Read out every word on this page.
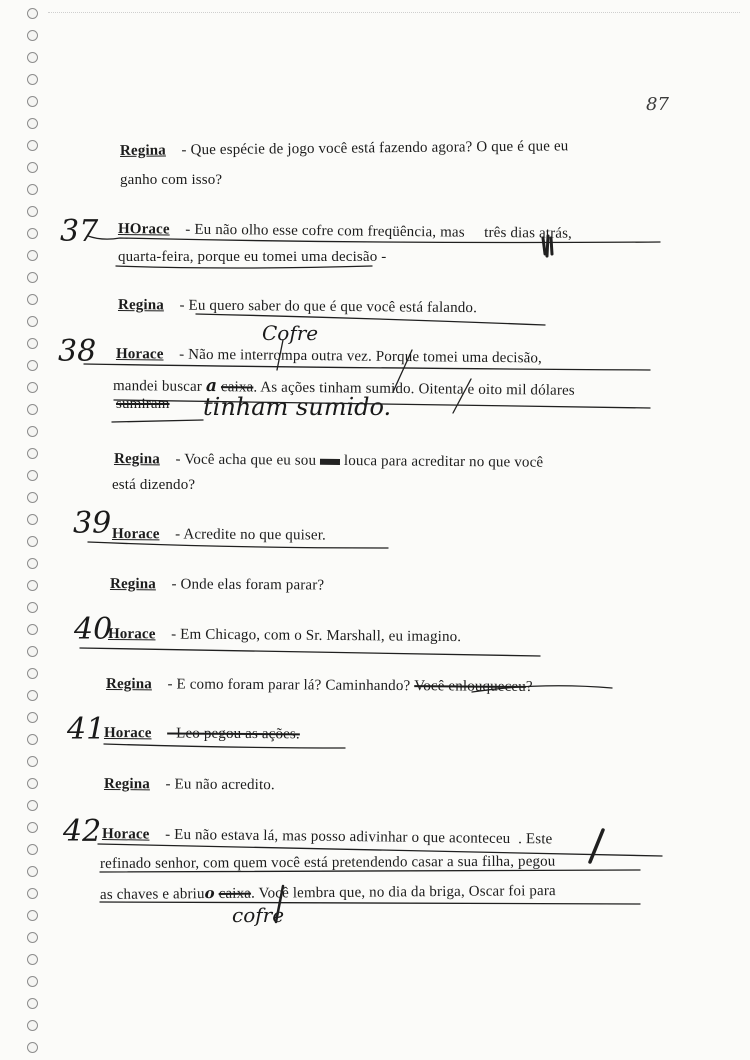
87
Regina - Que espécie de jogo você está fazendo agora? O que é que eu
ganho com isso?
37 HOrace - Eu não olho esse cofre com freqüência, mas três dias atrás,
quarta-feira, porque eu tomei uma decisão -
Regina - Eu quero saber do que é que você está falando.
Cofre
38 Horace - Não me interrompa outra vez. Porque tomei uma decisão,
mandei buscar a caixa. As ações tinham sumido. Oitenta e oito mil dólares
sumiram tinham sumido.
Regina - Você acha que eu sou louca para acreditar no que você
está dizendo?
39 Horace - Acredite no que quiser.
Regina - Onde elas foram parar?
40
Horace - Em Chicago, com o Sr. Marshall, eu imagino.
Regina - E como foram parar lá? Caminhando? Você enlouqueceu?
41
Horace - Leo pegou as ações.
Regina - Eu não acredito.
42 Horace - Eu não estava lá, mas posso adivinhar o que aconteceu . Este
refinado senhor, com quem você está pretendendo casar a sua filha, pegou
as chaves e abriuo caixa. Você lembra que, no dia da briga, Oscar foi para
cofre
